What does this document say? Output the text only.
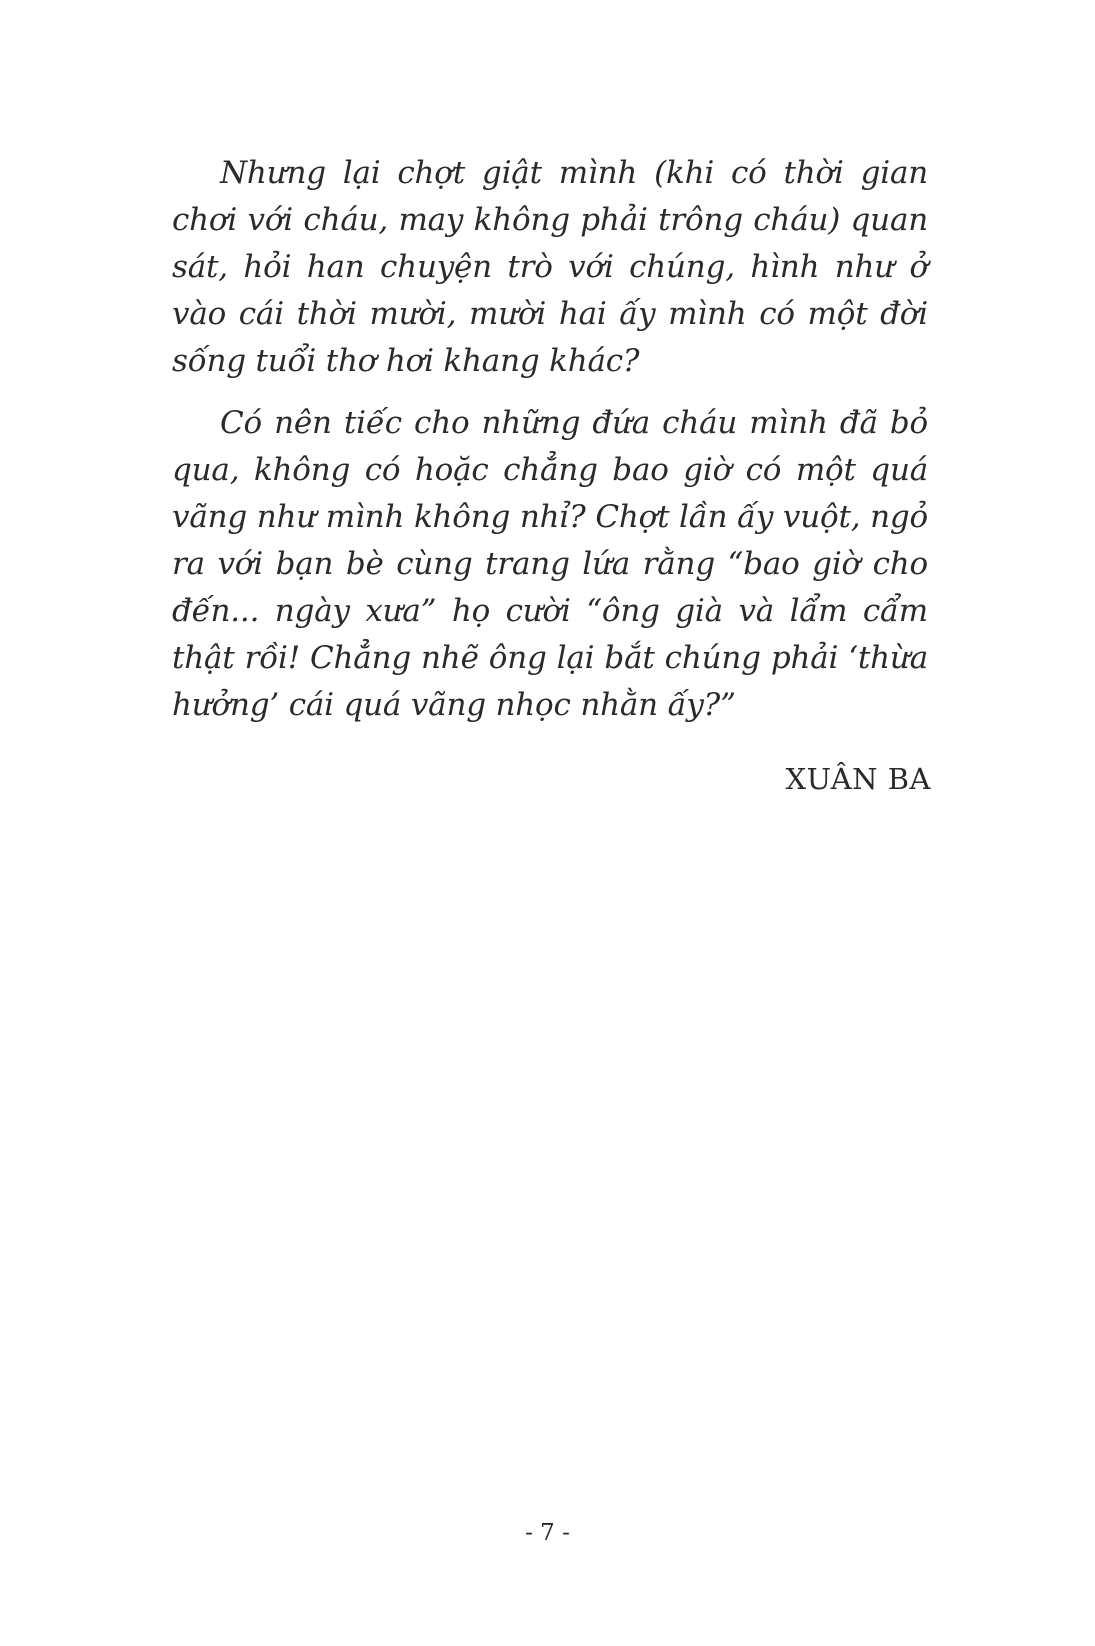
Nhưng lại chợt giật mình (khi có thời gian chơi với cháu, may không phải trông cháu) quan sát, hỏi han chuyện trò với chúng, hình như ở vào cái thời mười, mười hai ấy mình có một đời sống tuổi thơ hơi khang khác?

Có nên tiếc cho những đứa cháu mình đã bỏ qua, không có hoặc chẳng bao giờ có một quá vãng như mình không nhỉ? Chợt lần ấy vuột, ngỏ ra với bạn bè cùng trang lứa rằng “bao giờ cho đến... ngày xưa” họ cười “ông già và lẩm cẩm thật rồi! Chẳng nhẽ ông lại bắt chúng phải ‘thừa hưởng’ cái quá vãng nhọc nhằn ấy?”

XUÂN BA
- 7 -
